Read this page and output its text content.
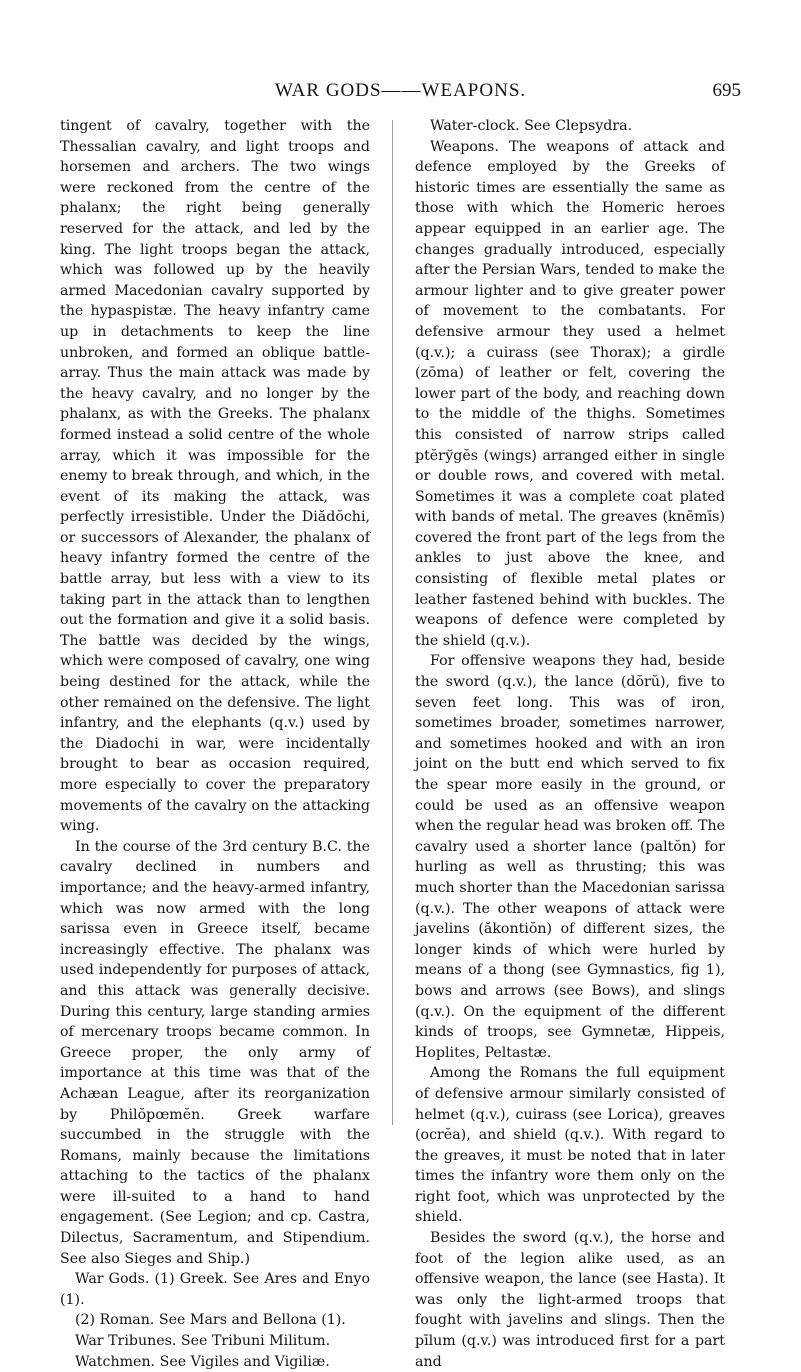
WAR GODS——WEAPONS.	695

tingent of cavalry, together with the Thessalian cavalry, and light troops and horsemen and archers. The two wings were reckoned from the centre of the phalanx; the right being generally reserved for the attack, and led by the king. The light troops began the attack, which was followed up by the heavily armed Macedonian cavalry supported by the hypaspistæ. The heavy infantry came up in detachments to keep the line unbroken, and formed an oblique battle-array. Thus the main attack was made by the heavy cavalry, and no longer by the phalanx, as with the Greeks. The phalanx formed instead a solid centre of the whole array, which it was impossible for the enemy to break through, and which, in the event of its making the attack, was perfectly irresistible. Under the Diădŏchi, or successors of Alexander, the phalanx of heavy infantry formed the centre of the battle array, but less with a view to its taking part in the attack than to lengthen out the formation and give it a solid basis. The battle was decided by the wings, which were composed of cavalry, one wing being destined for the attack, while the other remained on the defensive. The light infantry, and the elephants (q.v.) used by the Diadochi in war, were incidentally brought to bear as occasion required, more especially to cover the preparatory movements of the cavalry on the attacking wing.

In the course of the 3rd century B.C. the cavalry declined in numbers and importance; and the heavy-armed infantry, which was now armed with the long sarissa even in Greece itself, became increasingly effective. The phalanx was used independently for purposes of attack, and this attack was generally decisive. During this century, large standing armies of mercenary troops became common. In Greece proper, the only army of importance at this time was that of the Achæan League, after its reorganization by Philŏpœmĕn. Greek warfare succumbed in the struggle with the Romans, mainly because the limitations attaching to the tactics of the phalanx were ill-suited to a hand to hand engagement. (See Legion; and cp. Castra, Dilectus, Sacramentum, and Stipendium. See also Sieges and Ship.)

War Gods. (1) Greek. See Ares and Enyo (1).

(2) Roman. See Mars and Bellona (1).

War Tribunes. See Tribuni Militum.

Watchmen. See Vigiles and Vigiliæ.

Water-clock. See Clepsydra.

Weapons. The weapons of attack and defence employed by the Greeks of historic times are essentially the same as those with which the Homeric heroes appear equipped in an earlier age. The changes gradually introduced, especially after the Persian Wars, tended to make the armour lighter and to give greater power of movement to the combatants. For defensive armour they used a helmet (q.v.); a cuirass (see Thorax); a girdle (zōma) of leather or felt, covering the lower part of the body, and reaching down to the middle of the thighs. Sometimes this consisted of narrow strips called ptĕrўgĕs (wings) arranged either in single or double rows, and covered with metal. Sometimes it was a complete coat plated with bands of metal. The greaves (knēmīs) covered the front part of the legs from the ankles to just above the knee, and consisting of flexible metal plates or leather fastened behind with buckles. The weapons of defence were completed by the shield (q.v.).

For offensive weapons they had, beside the sword (q.v.), the lance (dŏrŭ), five to seven feet long. This was of iron, sometimes broader, sometimes narrower, and sometimes hooked and with an iron joint on the butt end which served to fix the spear more easily in the ground, or could be used as an offensive weapon when the regular head was broken off. The cavalry used a shorter lance (paltŏn) for hurling as well as thrusting; this was much shorter than the Macedonian sarissa (q.v.). The other weapons of attack were javelins (ăkontiŏn) of different sizes, the longer kinds of which were hurled by means of a thong (see Gymnastics, fig 1), bows and arrows (see Bows), and slings (q.v.). On the equipment of the different kinds of troops, see Gymnetæ, Hippeis, Hoplites, Peltastæ.

Among the Romans the full equipment of defensive armour similarly consisted of helmet (q.v.), cuirass (see Lorica), greaves (ocrĕa), and shield (q.v.). With regard to the greaves, it must be noted that in later times the infantry wore them only on the right foot, which was unprotected by the shield.

Besides the sword (q.v.), the horse and foot of the legion alike used, as an offensive weapon, the lance (see Hasta). It was only the light-armed troops that fought with javelins and slings. Then the pīlum (q.v.) was introduced first for a part and
